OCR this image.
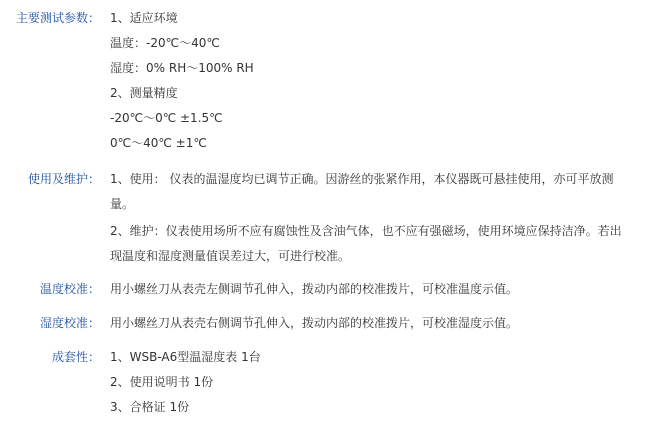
主要测试参数： 1、适应环境
温度：-20℃～40℃
湿度：0% RH～100% RH
2、测量精度
-20℃～0℃ ±1.5℃
0℃～40℃ ±1℃
使用及维护： 1、使用： 仪表的温湿度均已调节正确。因游丝的张紧作用，本仪器既可悬挂使用，亦可平放测量。
2、维护：仪表使用场所不应有腐蚀性及含油气体，也不应有强磁场，使用环境应保持洁净。若出现温度和湿度测量值误差过大，可进行校准。
温度校准： 用小螺丝刀从表壳左侧调节孔伸入，拨动内部的校准拨片，可校准温度示值。
湿度校准： 用小螺丝刀从表壳右侧调节孔伸入，拨动内部的校准拨片，可校准湿度示值。
成套性： 1、WSB-A6型温湿度表 1台
2、使用说明书 1份
3、合格证 1份
